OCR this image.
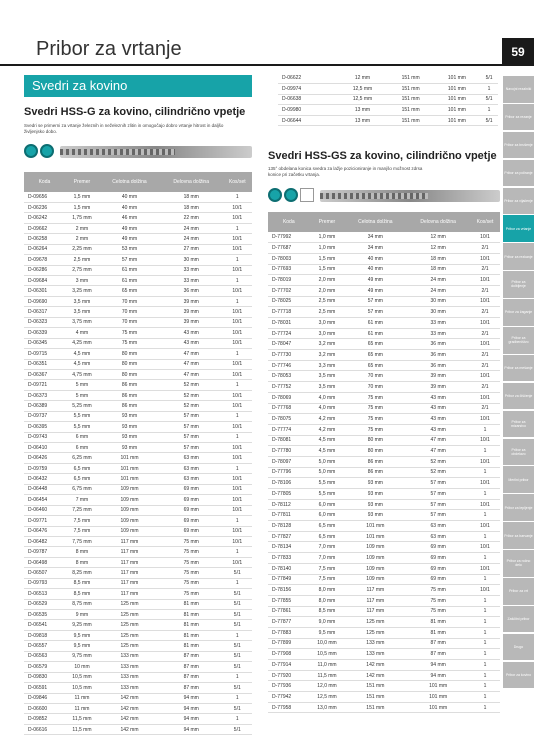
Pribor za vrtanje	59
Svedri za kovino
Svedri HSS-G za kovino, cilindrično vpetje
Svedri se primerni za vrtanje železnih in neželeznih zlitin in omogočajo dobro vrtanje hitrost in daljšo življenjsko dobo.
Koda	Premer	Celotna dolžina	Delovna dolžina	Kos/set
D-09656	1,5 mm	40 mm	18 mm	1
D-06236	1,5 mm	40 mm	18 mm	10/1
D-06242	1,75 mm	46 mm	22 mm	10/1
D-09662	2 mm	49 mm	24 mm	1
D-06258	2 mm	49 mm	24 mm	10/1
D-06264	2,25 mm	53 mm	27 mm	10/1
D-09678	2,5 mm	57 mm	30 mm	1
D-06286	2,75 mm	61 mm	33 mm	10/1
D-09684	3 mm	61 mm	33 mm	1
D-06301	3,25 mm	65 mm	36 mm	10/1
D-09690	3,5 mm	70 mm	39 mm	1
D-06317	3,5 mm	70 mm	39 mm	10/1
D-06323	3,75 mm	70 mm	39 mm	10/1
D-06339	4 mm	75 mm	43 mm	10/1
D-06345	4,25 mm	75 mm	43 mm	10/1
D-09715	4,5 mm	80 mm	47 mm	1
D-06351	4,5 mm	80 mm	47 mm	10/1
D-06367	4,75 mm	80 mm	47 mm	10/1
D-09721	5 mm	86 mm	52 mm	1
D-06373	5 mm	86 mm	52 mm	10/1
D-06389	5,25 mm	86 mm	52 mm	10/1
D-09737	5,5 mm	93 mm	57 mm	1
D-06395	5,5 mm	93 mm	57 mm	10/1
D-09743	6 mm	93 mm	57 mm	1
D-06410	6 mm	93 mm	57 mm	10/1
D-06426	6,25 mm	101 mm	63 mm	10/1
D-09759	6,5 mm	101 mm	63 mm	1
D-06432	6,5 mm	101 mm	63 mm	10/1
D-06448	6,75 mm	109 mm	69 mm	10/1
D-06454	7 mm	109 mm	69 mm	10/1
D-06460	7,25 mm	109 mm	69 mm	10/1
D-09771	7,5 mm	109 mm	69 mm	1
D-06476	7,5 mm	109 mm	69 mm	10/1
D-06482	7,75 mm	117 mm	75 mm	10/1
D-09787	8 mm	117 mm	75 mm	1
D-06498	8 mm	117 mm	75 mm	10/1
D-06507	8,25 mm	117 mm	75 mm	5/1
D-09793	8,5 mm	117 mm	75 mm	1
D-06513	8,5 mm	117 mm	75 mm	5/1
D-06529	8,75 mm	125 mm	81 mm	5/1
D-06535	9 mm	125 mm	81 mm	5/1
D-06541	9,25 mm	125 mm	81 mm	5/1
D-09818	9,5 mm	125 mm	81 mm	1
D-06557	9,5 mm	125 mm	81 mm	5/1
D-06563	9,75 mm	133 mm	87 mm	5/1
D-06579	10 mm	133 mm	87 mm	5/1
D-09830	10,5 mm	133 mm	87 mm	1
D-06591	10,5 mm	133 mm	87 mm	5/1
D-09846	11 mm	142 mm	94 mm	1
D-06600	11 mm	142 mm	94 mm	5/1
D-09852	11,5 mm	142 mm	94 mm	1
D-06616	11,5 mm	142 mm	94 mm	5/1
D-06622	12 mm	151 mm	101 mm	5/1
D-09974	12,5 mm	151 mm	101 mm	1
D-06638	12,5 mm	151 mm	101 mm	5/1
D-09980	13 mm	151 mm	101 mm	1
D-06644	13 mm	151 mm	101 mm	5/1
Svedri HSS-GS za kovino, cilindrično vpetje
135° obdelana konica svedra za lažje pozicioniranje in manjšo možnost zdrsa konice pri začetku vrtanja.
Koda	Premer	Celotna dolžina	Delovna dolžina	Kos/set
D-77992	1,0 mm	34 mm	12 mm	10/1
D-77687	1,0 mm	34 mm	12 mm	2/1
D-78003	1,5 mm	40 mm	18 mm	10/1
D-77693	1,5 mm	40 mm	18 mm	2/1
D-78019	2,0 mm	49 mm	24 mm	10/1
D-77702	2,0 mm	49 mm	24 mm	2/1
D-78025	2,5 mm	57 mm	30 mm	10/1
D-77718	2,5 mm	57 mm	30 mm	2/1
D-78031	3,0 mm	61 mm	33 mm	10/1
D-77724	3,0 mm	61 mm	33 mm	2/1
D-78047	3,2 mm	65 mm	36 mm	10/1
D-77730	3,2 mm	65 mm	36 mm	2/1
D-77746	3,3 mm	65 mm	36 mm	2/1
D-78053	3,5 mm	70 mm	39 mm	10/1
D-77752	3,5 mm	70 mm	39 mm	2/1
D-78069	4,0 mm	75 mm	43 mm	10/1
D-77768	4,0 mm	75 mm	43 mm	2/1
D-78075	4,2 mm	75 mm	43 mm	10/1
D-77774	4,2 mm	75 mm	43 mm	1
D-78081	4,5 mm	80 mm	47 mm	10/1
D-77780	4,5 mm	80 mm	47 mm	1
D-78097	5,0 mm	86 mm	52 mm	10/1
D-77796	5,0 mm	86 mm	52 mm	1
D-78106	5,5 mm	93 mm	57 mm	10/1
D-77805	5,5 mm	93 mm	57 mm	1
D-78112	6,0 mm	93 mm	57 mm	10/1
D-77811	6,0 mm	93 mm	57 mm	1
D-78128	6,5 mm	101 mm	63 mm	10/1
D-77827	6,5 mm	101 mm	63 mm	1
D-78134	7,0 mm	109 mm	69 mm	10/1
D-77833	7,0 mm	109 mm	69 mm	1
D-78140	7,5 mm	109 mm	69 mm	10/1
D-77849	7,5 mm	109 mm	69 mm	1
D-78156	8,0 mm	117 mm	75 mm	10/1
D-77855	8,0 mm	117 mm	75 mm	1
D-77861	8,5 mm	117 mm	75 mm	1
D-77877	9,0 mm	125 mm	81 mm	1
D-77883	9,5 mm	125 mm	81 mm	1
D-77899	10,0 mm	133 mm	87 mm	1
D-77908	10,5 mm	133 mm	87 mm	1
D-77914	11,0 mm	142 mm	94 mm	1
D-77920	11,5 mm	142 mm	94 mm	1
D-77936	12,0 mm	151 mm	101 mm	1
D-77942	12,5 mm	151 mm	101 mm	1
D-77958	13,0 mm	151 mm	101 mm	1
Navojni rezalniki
Pribor za rezanje
Pribor za brušenje
Pribor za poliranje
Pribor za vijačenje
Pribor za vrtanje
Pribor za rezkanje
Pribor za dolbljenje
Pribor za žaganje
Pribor za gradbeništvo
Pribor za mešanje
Pribor za čiščenje
Pribor za mizarstvo
Pribor za obdelavo
Merilni pribor
Pribor za lepljenje
Pribor za barvanje
Pribor za ročno delo
Pribor za vrt
Zaščitni pribor
Drugo
Pribor za kovino
